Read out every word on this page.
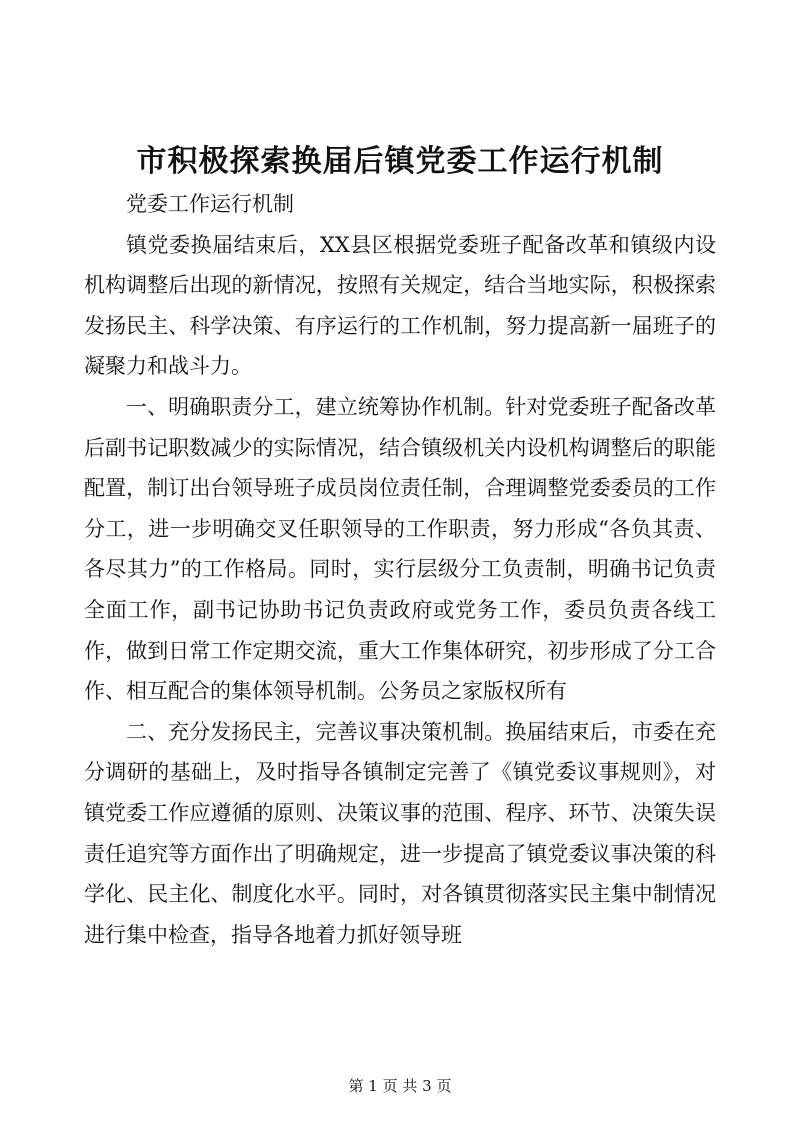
市积极探索换届后镇党委工作运行机制

党委工作运行机制

镇党委换届结束后，XX县区根据党委班子配备改革和镇级内设机构调整后出现的新情况，按照有关规定，结合当地实际，积极探索发扬民主、科学决策、有序运行的工作机制，努力提高新一届班子的凝聚力和战斗力。

一、明确职责分工，建立统筹协作机制。针对党委班子配备改革后副书记职数减少的实际情况，结合镇级机关内设机构调整后的职能配置，制订出台领导班子成员岗位责任制，合理调整党委委员的工作分工，进一步明确交叉任职领导的工作职责，努力形成“各负其责、各尽其力”的工作格局。同时，实行层级分工负责制，明确书记负责全面工作，副书记协助书记负责政府或党务工作，委员负责各线工作，做到日常工作定期交流，重大工作集体研究，初步形成了分工合作、相互配合的集体领导机制。公务员之家版权所有

二、充分发扬民主，完善议事决策机制。换届结束后，市委在充分调研的基础上，及时指导各镇制定完善了《镇党委议事规则》，对镇党委工作应遵循的原则、决策议事的范围、程序、环节、决策失误责任追究等方面作出了明确规定，进一步提高了镇党委议事决策的科学化、民主化、制度化水平。同时，对各镇贯彻落实民主集中制情况进行集中检查，指导各地着力抓好领导班

第 1 页 共 3 页
